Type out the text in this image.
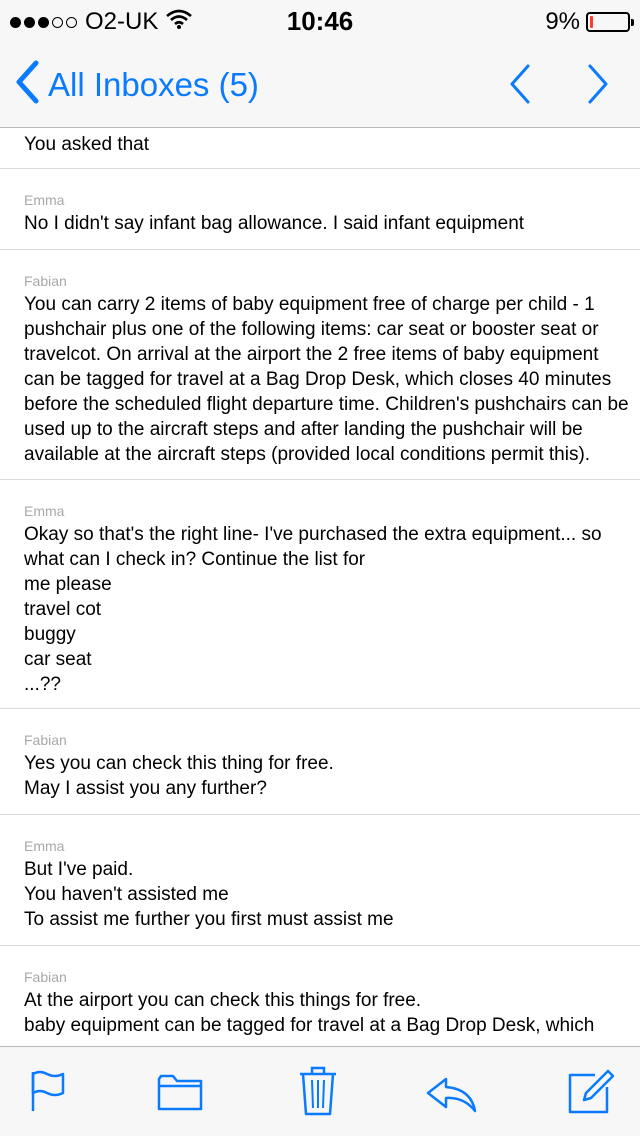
O2-UK	10:46	9%
All Inboxes (5)

You asked that

Emma

No I didn't say infant bag allowance. I said infant equipment

Fabian

You can carry 2 items of baby equipment free of charge per child - 1 pushchair plus one of the following items: car seat or booster seat or travelcot. On arrival at the airport the 2 free items of baby equipment can be tagged for travel at a Bag Drop Desk, which closes 40 minutes before the scheduled flight departure time. Children's pushchairs can be used up to the aircraft steps and after landing the pushchair will be available at the aircraft steps (provided local conditions permit this).

Emma

Okay so that's the right line- I've purchased the extra equipment... so what can I check in? Continue the list for

me please

travel cot

buggy

car seat

...??

Fabian

Yes you can check this thing for free.

May I assist you any further?

Emma

But I've paid.

You haven't assisted me

To assist me further you first must assist me

Fabian

At the airport you can check this things for free.

baby equipment can be tagged for travel at a Bag Drop Desk, which
